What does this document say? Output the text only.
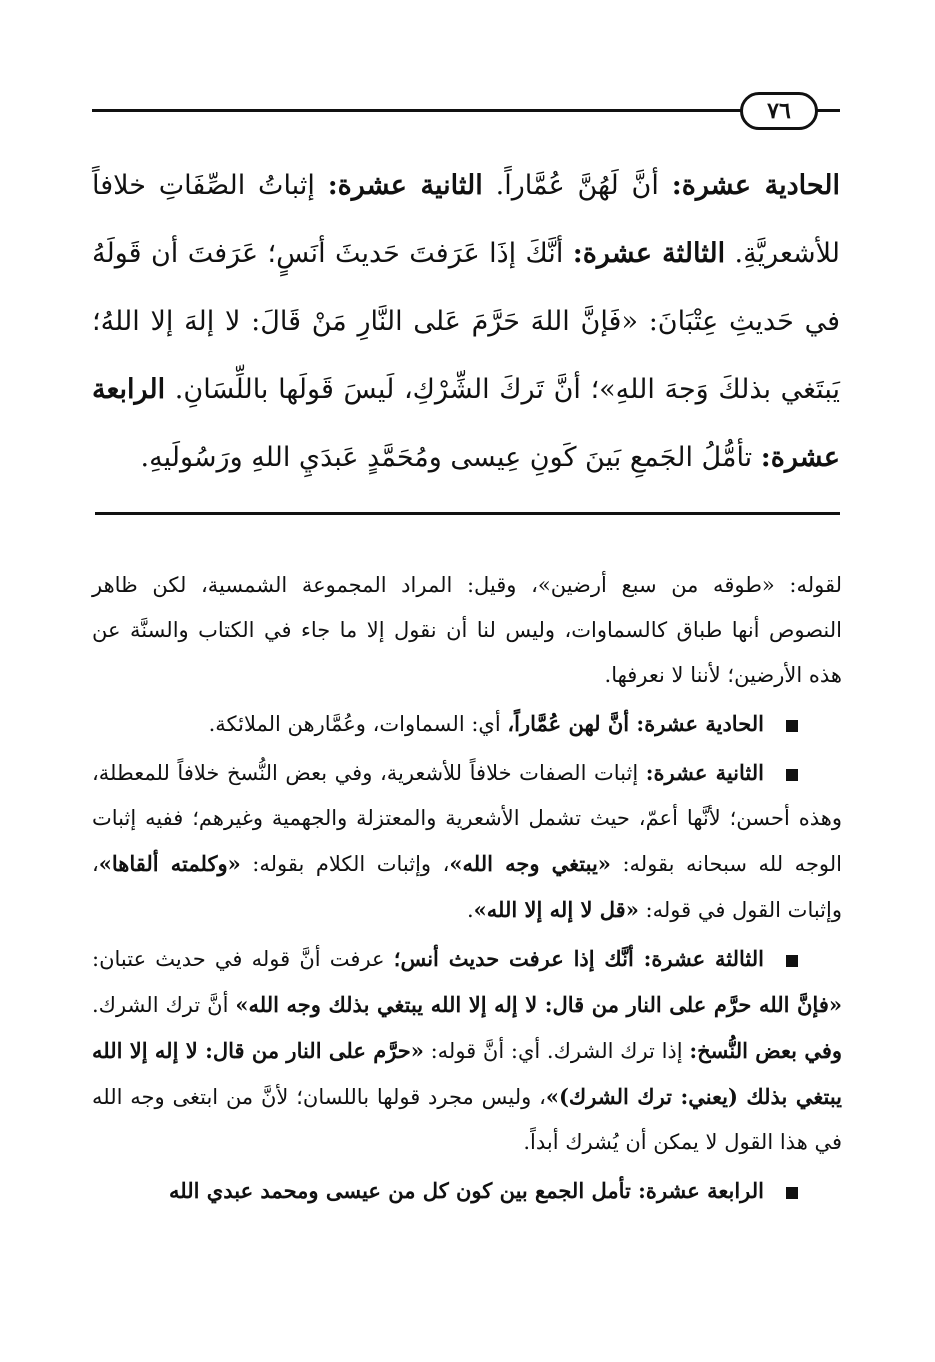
٧٦

الحادية عشرة: أنَّ لَهُنَّ عُمَّاراً. الثانية عشرة: إثباتُ الصِّفَاتِ خلافاً للأشعريَّةِ. الثالثة عشرة: أنَّكَ إذَا عَرَفتَ حَديثَ أنَسٍ؛ عَرَفتَ أن قَولَهُ في حَديثِ عِتْبَانَ: «فَإنَّ اللهَ حَرَّمَ عَلى النَّارِ مَنْ قَالَ: لا إلهَ إلا اللهُ؛ يَبتَغي بذلكَ وَجهَ اللهِ»؛ أنَّ تَركَ الشِّرْكِ، لَيسَ قَولَها باللِّسَانِ. الرابعة عشرة: تأمُّلُ الجَمعِ بَينَ كَونِ عِيسى ومُحَمَّدٍ عَبدَيِ اللهِ ورَسُولَيهِ.

لقوله: «طوقه من سبع أرضين»، وقيل: المراد المجموعة الشمسية، لكن ظاهر النصوص أنها طباق كالسماوات، وليس لنا أن نقول إلا ما جاء في الكتاب والسنَّة عن هذه الأرضين؛ لأننا لا نعرفها.

الحادية عشرة: أنَّ لهن عُمَّاراً، أي: السماوات، وعُمَّارهن الملائكة.

الثانية عشرة: إثبات الصفات خلافاً للأشعرية، وفي بعض النُّسخ خلافاً للمعطلة، وهذه أحسن؛ لأنَّها أعمّ، حيث تشمل الأشعرية والمعتزلة والجهمية وغيرهم؛ ففيه إثبات الوجه لله سبحانه بقوله: «يبتغي وجه الله»، وإثبات الكلام بقوله: «وكلمته ألقاها»، وإثبات القول في قوله: «قل لا إله إلا الله».

الثالثة عشرة: أنَّك إذا عرفت حديث أنس؛ عرفت أنَّ قوله في حديث عتبان: «فإنَّ الله حرَّم على النار من قال: لا إله إلا الله يبتغي بذلك وجه الله» أنَّ ترك الشرك. وفي بعض النُّسخ: إذا ترك الشرك. أي: أنَّ قوله: «حرَّم على النار من قال: لا إله إلا الله يبتغي بذلك (يعني: ترك الشرك)»، وليس مجرد قولها باللسان؛ لأنَّ من ابتغى وجه الله في هذا القول لا يمكن أن يُشرك أبداً.

الرابعة عشرة: تأمل الجمع بين كون كل من عيسى ومحمد عبدي الله
